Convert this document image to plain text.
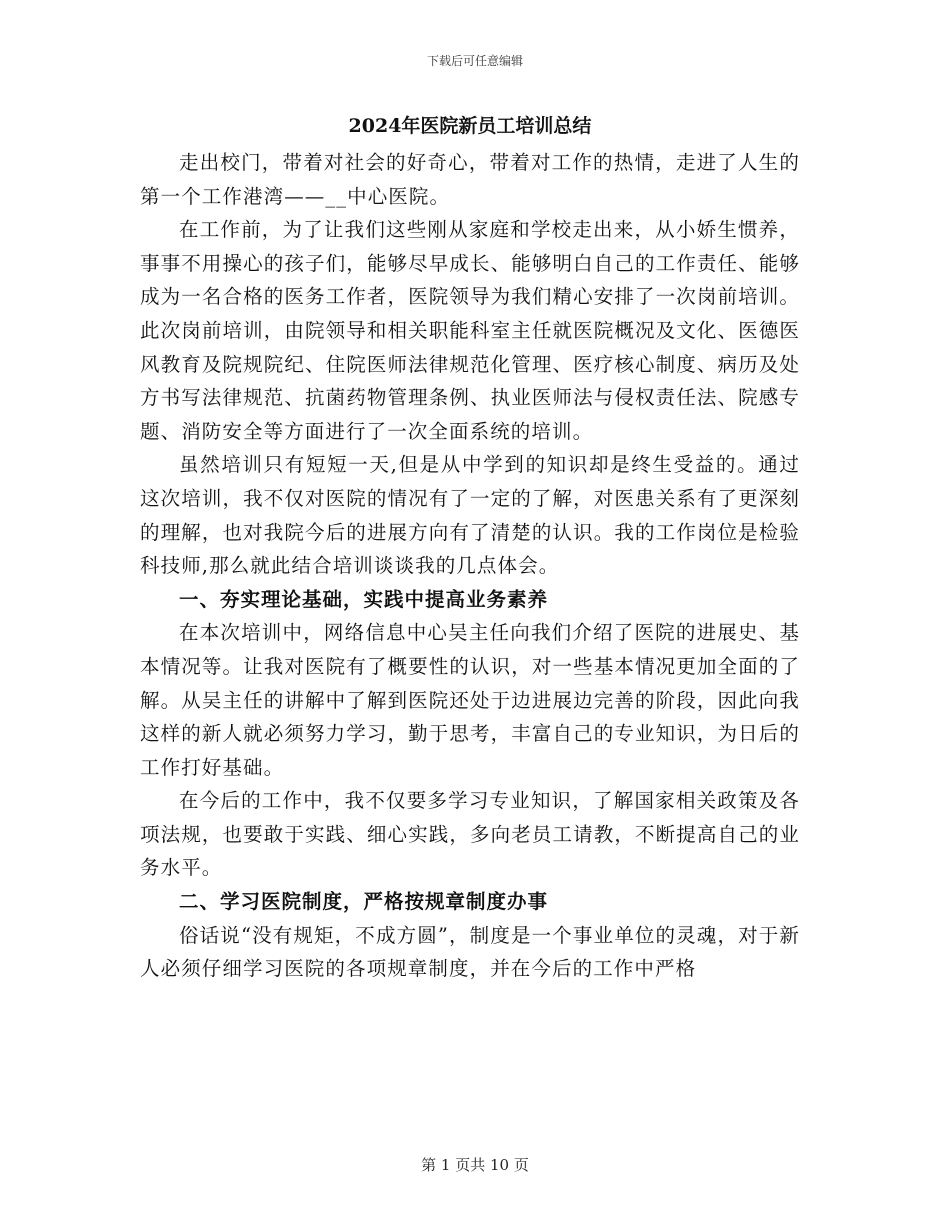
下载后可任意编辑
2024年医院新员工培训总结

走出校门，带着对社会的好奇心，带着对工作的热情，走进了人生的第一个工作港湾——__中心医院。

在工作前，为了让我们这些刚从家庭和学校走出来，从小娇生惯养，事事不用操心的孩子们，能够尽早成长、能够明白自己的工作责任、能够成为一名合格的医务工作者，医院领导为我们精心安排了一次岗前培训。此次岗前培训，由院领导和相关职能科室主任就医院概况及文化、医德医风教育及院规院纪、住院医师法律规范化管理、医疗核心制度、病历及处方书写法律规范、抗菌药物管理条例、执业医师法与侵权责任法、院感专题、消防安全等方面进行了一次全面系统的培训。

虽然培训只有短短一天,但是从中学到的知识却是终生受益的。通过这次培训，我不仅对医院的情况有了一定的了解，对医患关系有了更深刻的理解，也对我院今后的进展方向有了清楚的认识。我的工作岗位是检验科技师,那么就此结合培训谈谈我的几点体会。

一、夯实理论基础，实践中提高业务素养

在本次培训中，网络信息中心吴主任向我们介绍了医院的进展史、基本情况等。让我对医院有了概要性的认识，对一些基本情况更加全面的了解。从吴主任的讲解中了解到医院还处于边进展边完善的阶段，因此向我这样的新人就必须努力学习，勤于思考，丰富自己的专业知识，为日后的工作打好基础。

在今后的工作中，我不仅要多学习专业知识，了解国家相关政策及各项法规，也要敢于实践、细心实践，多向老员工请教，不断提高自己的业务水平。

二、学习医院制度，严格按规章制度办事

俗话说“没有规矩，不成方圆”，制度是一个事业单位的灵魂，对于新人必须仔细学习医院的各项规章制度，并在今后的工作中严格

第 1 页共 10 页
